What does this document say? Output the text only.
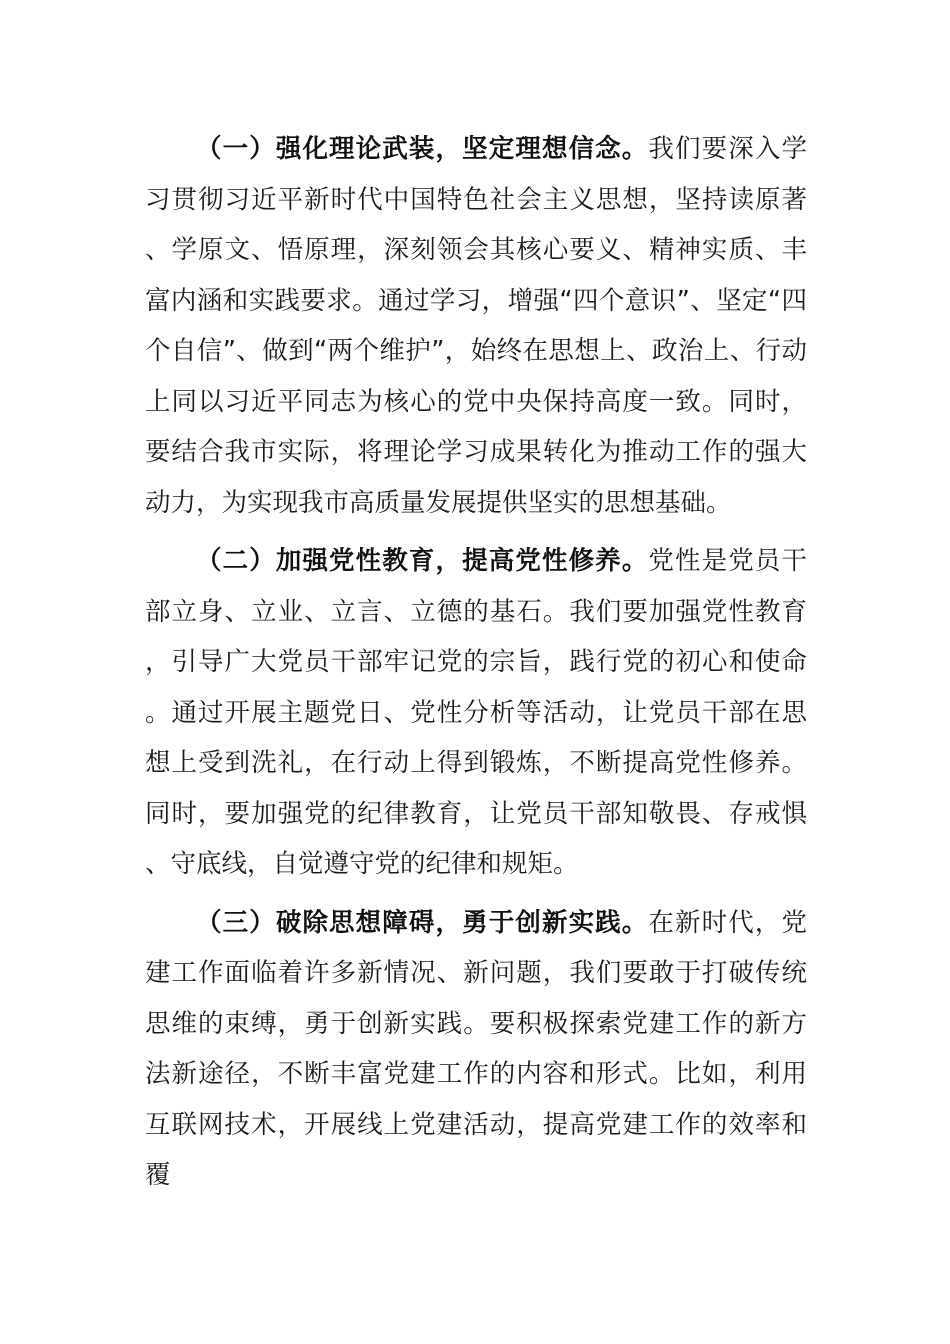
（一）强化理论武装，坚定理想信念。我们要深入学习贯彻习近平新时代中国特色社会主义思想，坚持读原著、学原文、悟原理，深刻领会其核心要义、精神实质、丰富内涵和实践要求。通过学习，增强“四个意识”、坚定“四个自信”、做到“两个维护”，始终在思想上、政治上、行动上同以习近平同志为核心的党中央保持高度一致。同时，要结合我市实际，将理论学习成果转化为推动工作的强大动力，为实现我市高质量发展提供坚实的思想基础。

（二）加强党性教育，提高党性修养。党性是党员干部立身、立业、立言、立德的基石。我们要加强党性教育，引导广大党员干部牢记党的宗旨，践行党的初心和使命。通过开展主题党日、党性分析等活动，让党员干部在思想上受到洗礼，在行动上得到锻炼，不断提高党性修养。同时，要加强党的纪律教育，让党员干部知敬畏、存戒惧、守底线，自觉遵守党的纪律和规矩。

（三）破除思想障碍，勇于创新实践。在新时代，党建工作面临着许多新情况、新问题，我们要敢于打破传统思维的束缚，勇于创新实践。要积极探索党建工作的新方法新途径，不断丰富党建工作的内容和形式。比如，利用互联网技术，开展线上党建活动，提高党建工作的效率和覆
